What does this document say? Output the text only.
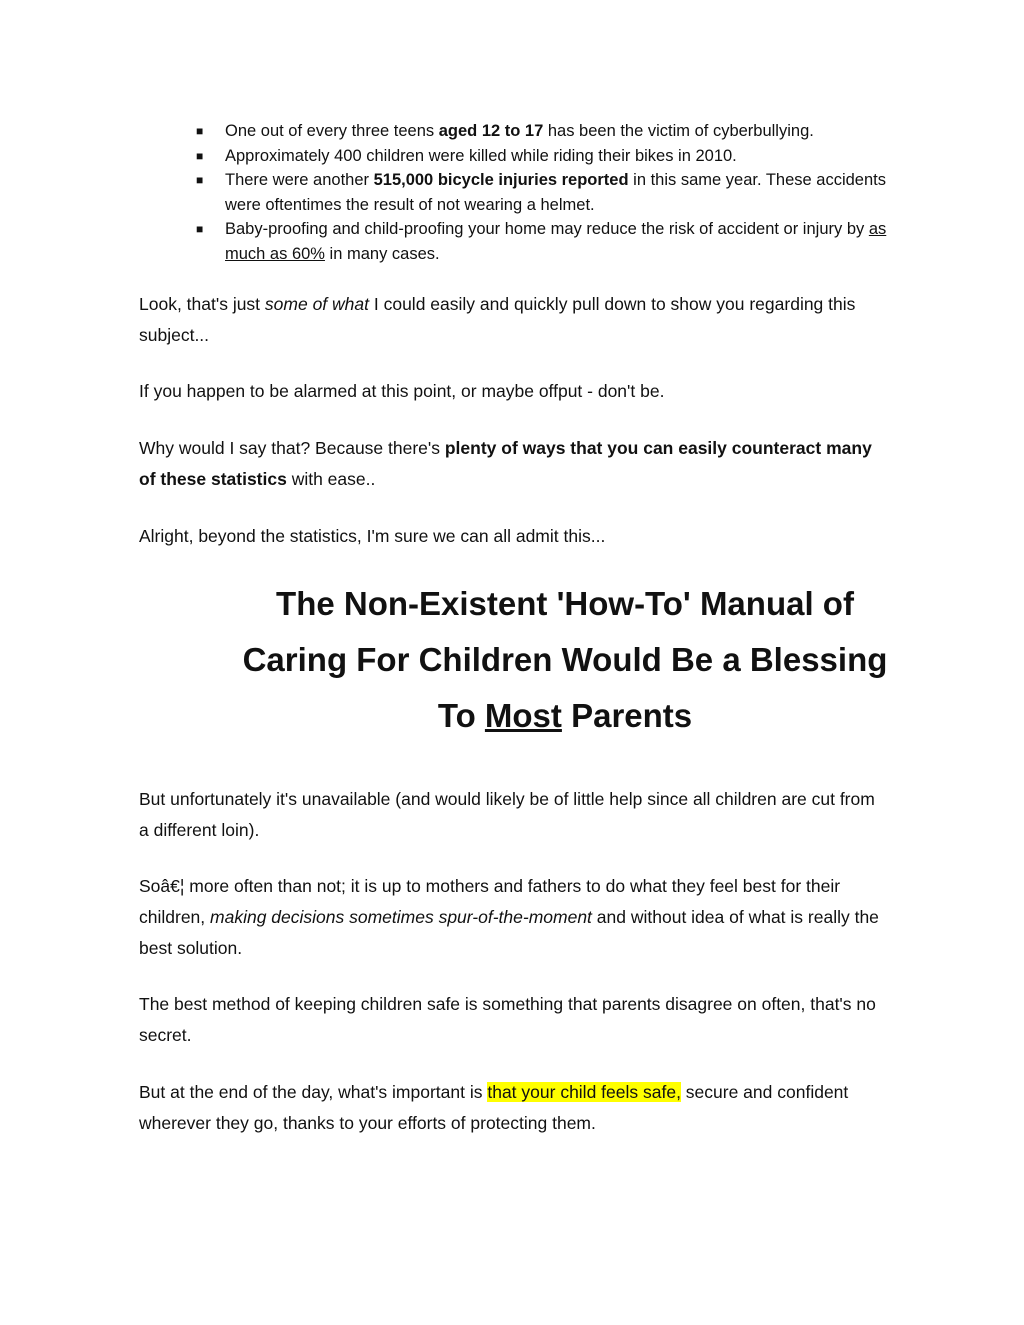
■ One out of every three teens aged 12 to 17 has been the victim of cyberbullying.
■ Approximately 400 children were killed while riding their bikes in 2010.
■ There were another 515,000 bicycle injuries reported in this same year. These accidents were oftentimes the result of not wearing a helmet.
■ Baby-proofing and child-proofing your home may reduce the risk of accident or injury by as much as 60% in many cases.

Look, that's just some of what I could easily and quickly pull down to show you regarding this subject...

If you happen to be alarmed at this point, or maybe offput - don't be.

Why would I say that? Because there's plenty of ways that you can easily counteract many of these statistics with ease..

Alright, beyond the statistics, I'm sure we can all admit this...

The Non-Existent 'How-To' Manual of Caring For Children Would Be a Blessing To Most Parents

But unfortunately it's unavailable (and would likely be of little help since all children are cut from a different loin).

Soâ€¦ more often than not; it is up to mothers and fathers to do what they feel best for their children, making decisions sometimes spur-of-the-moment and without idea of what is really the best solution.

The best method of keeping children safe is something that parents disagree on often, that's no secret.

But at the end of the day, what's important is that your child feels safe, secure and confident wherever they go, thanks to your efforts of protecting them.
